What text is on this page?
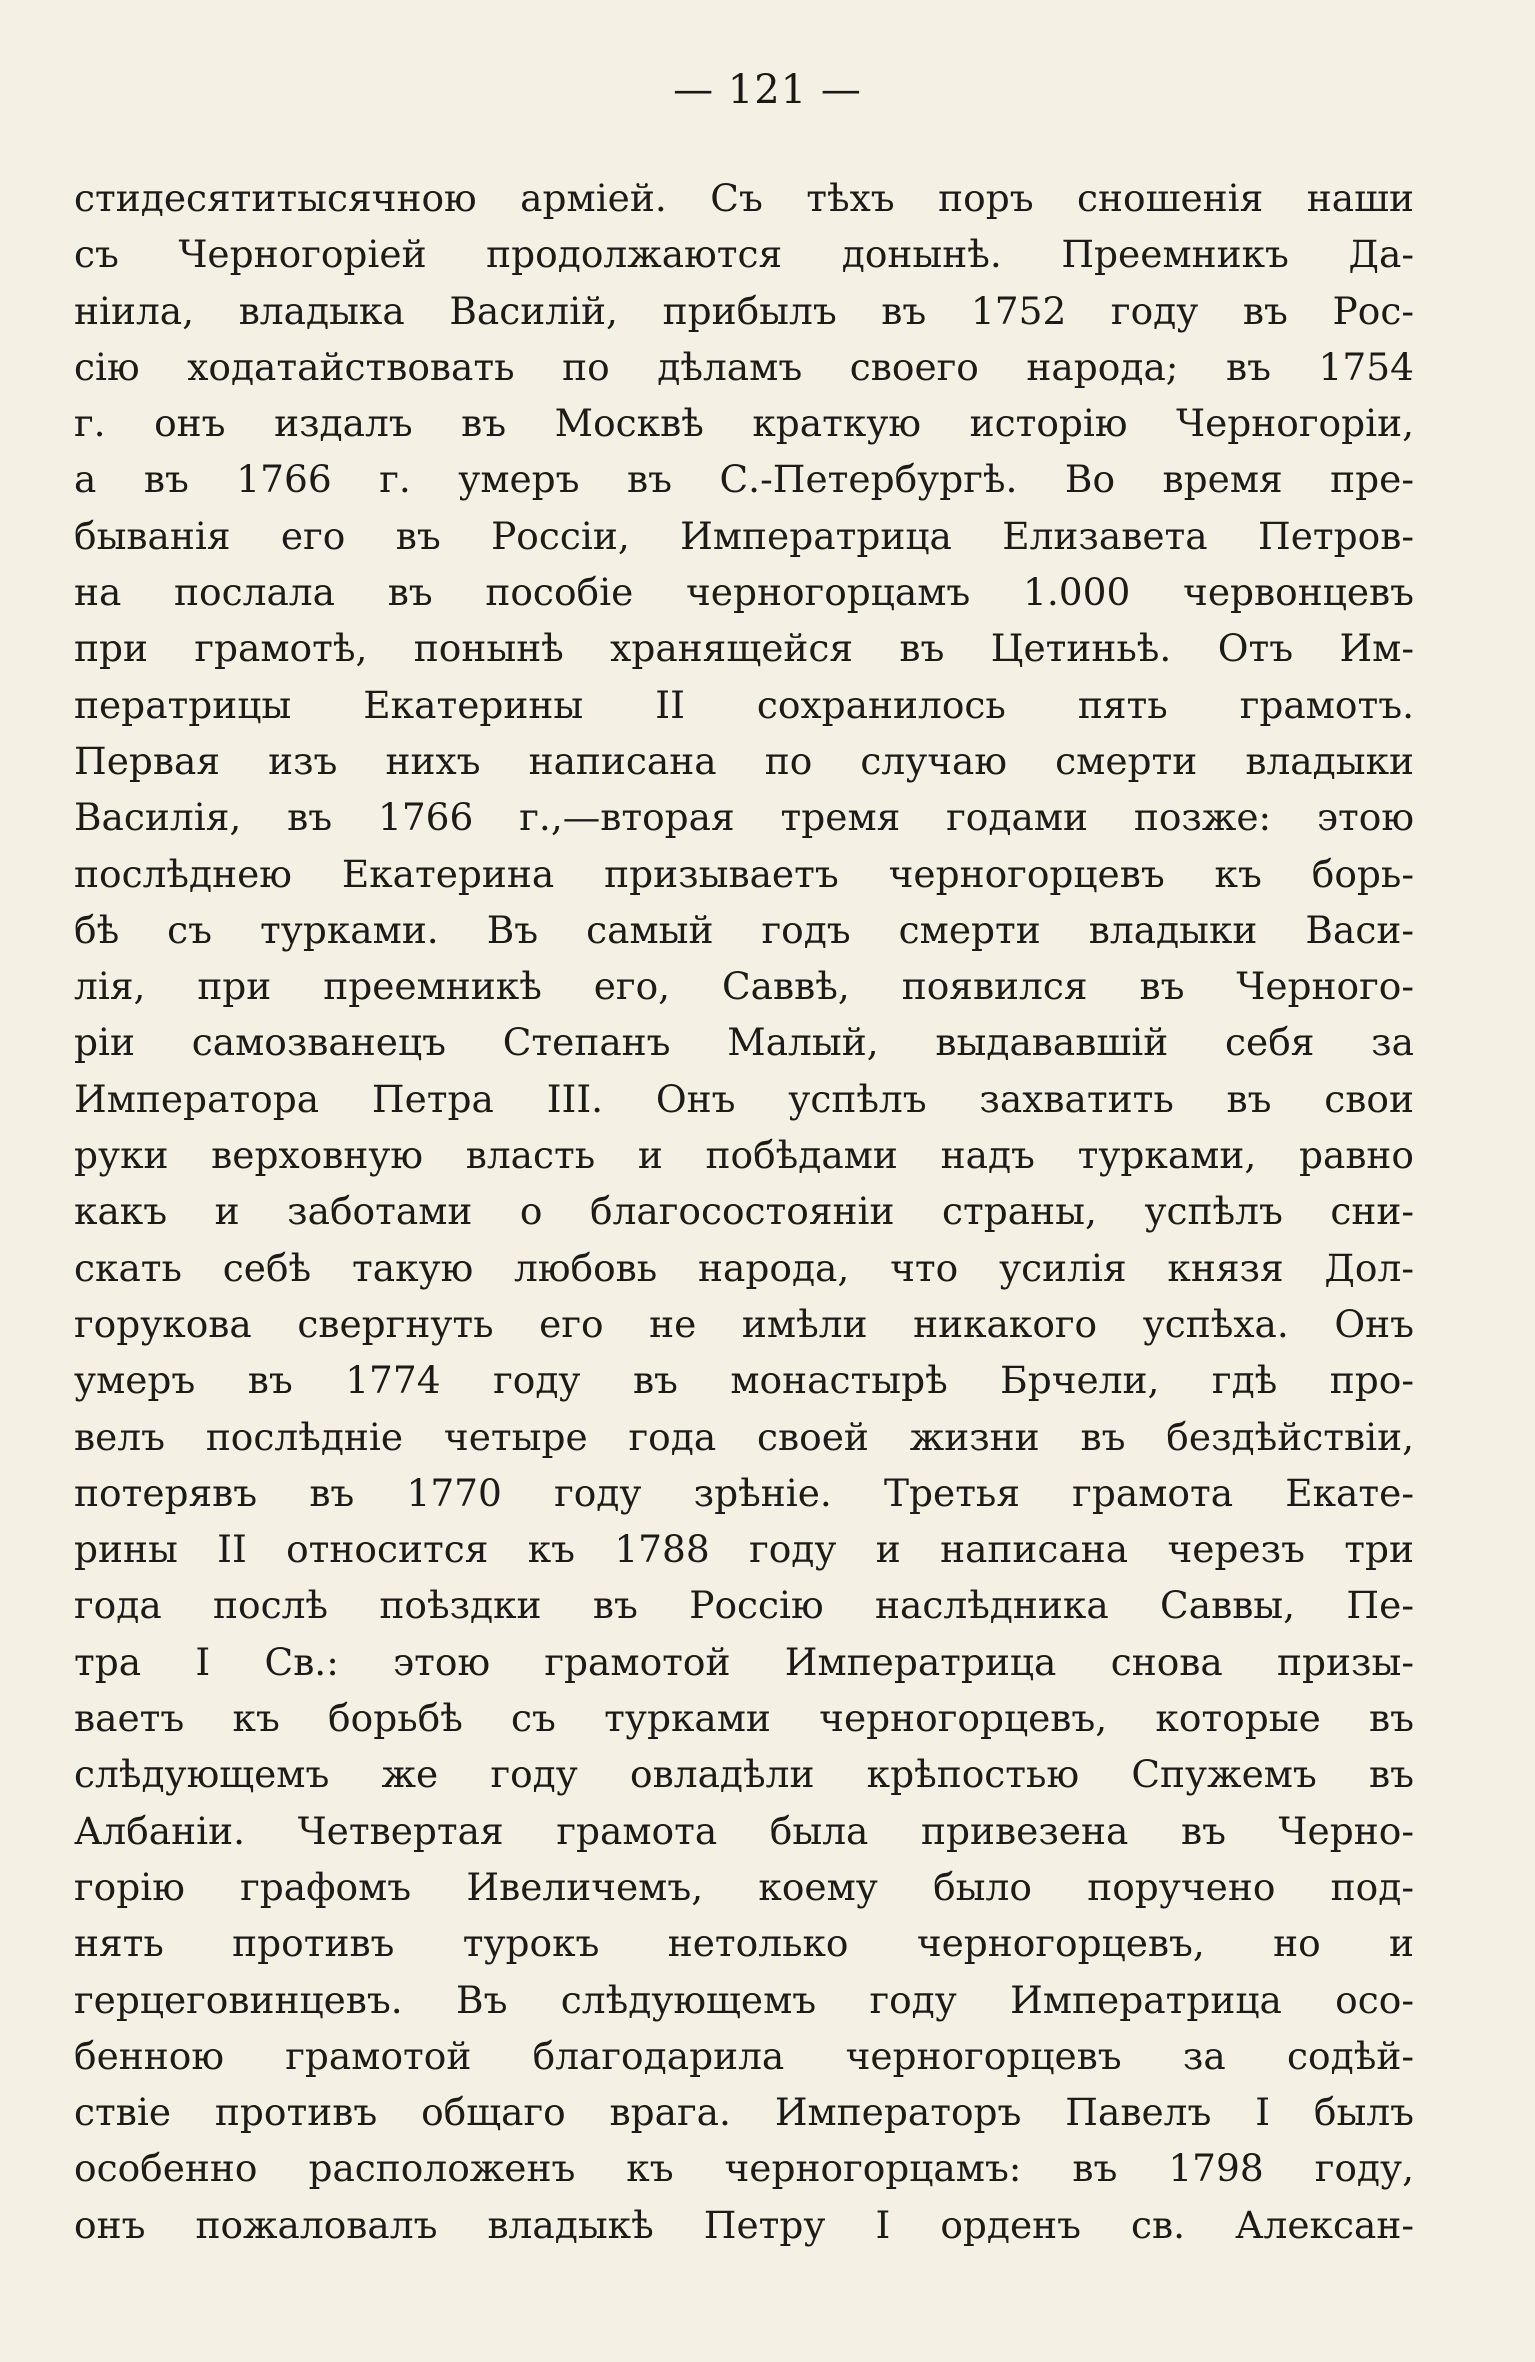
— 121 —
стидесятитысячною арміей. Съ тѣхъ поръ сношенія наши
съ Черногоріей продолжаются донынѣ. Преемникъ Да-
ніила, владыка Василій, прибылъ въ 1752 году въ Рос-
сію ходатайствовать по дѣламъ своего народа; въ 1754
г. онъ издалъ въ Москвѣ краткую исторію Черногоріи,
а въ 1766 г. умеръ въ С.-Петербургѣ. Во время пре-
быванія его въ Россіи, Императрица Елизавета Петров-
на послала въ пособіе черногорцамъ 1.000 червонцевъ
при грамотѣ, понынѣ хранящейся въ Цетиньѣ. Отъ Им-
ператрицы Екатерины II сохранилось пять грамотъ.
Первая изъ нихъ написана по случаю смерти владыки
Василія, въ 1766 г.,—вторая тремя годами позже: этою
послѣднею Екатерина призываетъ черногорцевъ къ борь-
бѣ съ турками. Въ самый годъ смерти владыки Васи-
лія, при преемникѣ его, Саввѣ, появился въ Черного-
ріи самозванецъ Степанъ Малый, выдававшій себя за
Императора Петра III. Онъ успѣлъ захватить въ свои
руки верховную власть и побѣдами надъ турками, равно
какъ и заботами о благосостояніи страны, успѣлъ сни-
скать себѣ такую любовь народа, что усилія князя Дол-
горукова свергнуть его не имѣли никакого успѣха. Онъ
умеръ въ 1774 году въ монастырѣ Брчели, гдѣ про-
велъ послѣдніе четыре года своей жизни въ бездѣйствіи,
потерявъ въ 1770 году зрѣніе. Третья грамота Екате-
рины II относится къ 1788 году и написана черезъ три
года послѣ поѣздки въ Россію наслѣдника Саввы, Пе-
тра I Св.: этою грамотой Императрица снова призы-
ваетъ къ борьбѣ съ турками черногорцевъ, которые въ
слѣдующемъ же году овладѣли крѣпостью Спужемъ въ
Албаніи. Четвертая грамота была привезена въ Черно-
горію графомъ Ивеличемъ, коему было поручено под-
нять противъ турокъ нетолько черногорцевъ, но и
герцеговинцевъ. Въ слѣдующемъ году Императрица осо-
бенною грамотой благодарила черногорцевъ за содѣй-
ствіе противъ общаго врага. Императоръ Павелъ I былъ
особенно расположенъ къ черногорцамъ: въ 1798 году,
онъ пожаловалъ владыкѣ Петру I орденъ св. Алексан-
